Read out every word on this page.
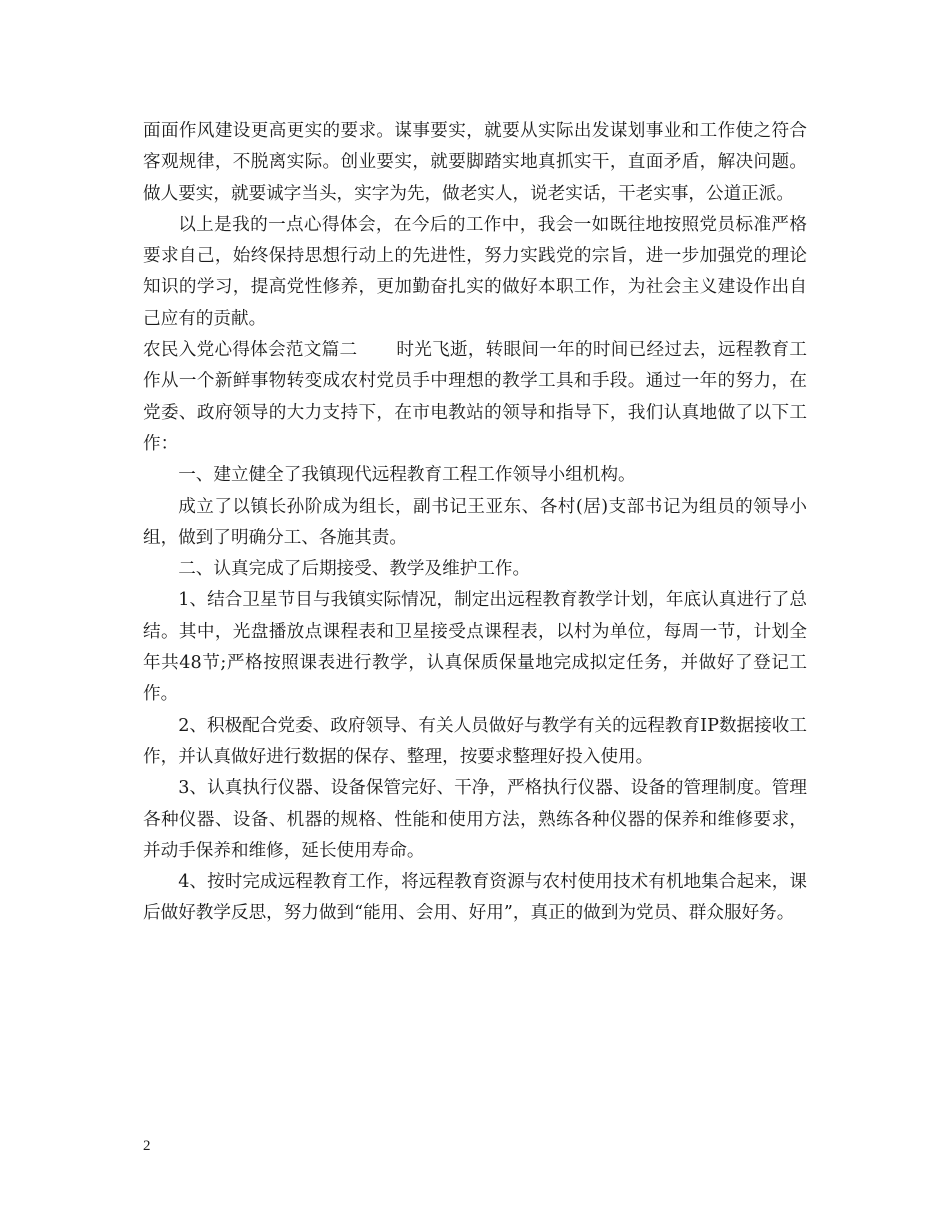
面面作风建设更高更实的要求。谋事要实，就要从实际出发谋划事业和工作使之符合客观规律，不脱离实际。创业要实，就要脚踏实地真抓实干，直面矛盾，解决问题。做人要实，就要诚字当头，实字为先，做老实人，说老实话，干老实事，公道正派。

以上是我的一点心得体会，在今后的工作中，我会一如既往地按照党员标准严格要求自己，始终保持思想行动上的先进性，努力实践党的宗旨，进一步加强党的理论知识的学习，提高党性修养，更加勤奋扎实的做好本职工作，为社会主义建设作出自己应有的贡献。

农民入党心得体会范文篇二 时光飞逝，转眼间一年的时间已经过去，远程教育工作从一个新鲜事物转变成农村党员手中理想的教学工具和手段。通过一年的努力，在党委、政府领导的大力支持下，在市电教站的领导和指导下，我们认真地做了以下工作：

一、建立健全了我镇现代远程教育工程工作领导小组机构。

成立了以镇长孙阶成为组长，副书记王亚东、各村(居)支部书记为组员的领导小组，做到了明确分工、各施其责。

二、认真完成了后期接受、教学及维护工作。

1、结合卫星节目与我镇实际情况，制定出远程教育教学计划，年底认真进行了总结。其中，光盘播放点课程表和卫星接受点课程表，以村为单位，每周一节，计划全年共48节;严格按照课表进行教学，认真保质保量地完成拟定任务，并做好了登记工作。

2、积极配合党委、政府领导、有关人员做好与教学有关的远程教育IP数据接收工作，并认真做好进行数据的保存、整理，按要求整理好投入使用。

3、认真执行仪器、设备保管完好、干净，严格执行仪器、设备的管理制度。管理各种仪器、设备、机器的规格、性能和使用方法，熟练各种仪器的保养和维修要求，并动手保养和维修，延长使用寿命。

4、按时完成远程教育工作，将远程教育资源与农村使用技术有机地集合起来，课后做好教学反思，努力做到“能用、会用、好用”，真正的做到为党员、群众服好务。

2
